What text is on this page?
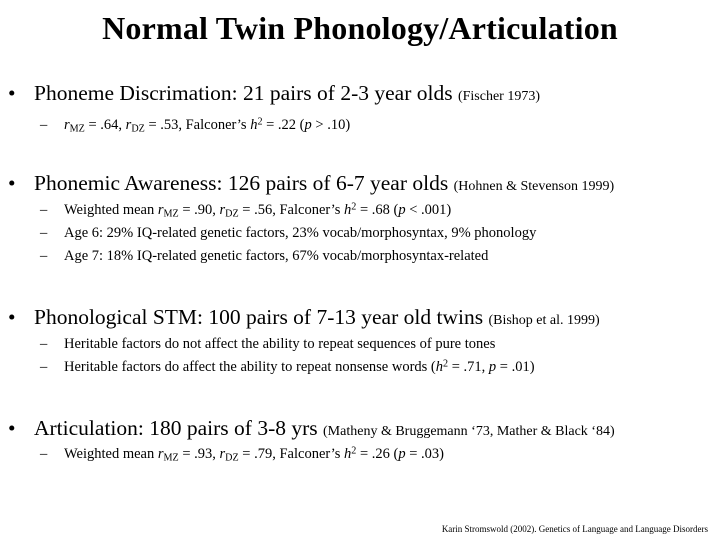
Normal Twin Phonology/Articulation
• Phoneme Discrimation: 21 pairs of 2-3 year olds (Fischer 1973)
– $r_{MZ} = .64$, $r_{DZ} = .53$, Falconer’s $h^2 = .22$ (p > .10)
• Phonemic Awareness: 126 pairs of 6-7 year olds (Hohnen & Stevenson 1999)
– Weighted mean $r_{MZ} = .90$, $r_{DZ} = .56$, Falconer’s $h^2 = .68$ (p < .001)
– Age 6: 29% IQ-related genetic factors, 23% vocab/morphosyntax, 9% phonology
– Age 7: 18% IQ-related genetic factors, 67% vocab/morphosyntax-related
• Phonological STM: 100 pairs of 7-13 year old twins (Bishop et al. 1999)
– Heritable factors do not affect the ability to repeat sequences of pure tones
– Heritable factors do affect the ability to repeat nonsense words ($h^2 = .71$, p = .01)
• Articulation: 180 pairs of 3-8 yrs (Matheny & Bruggemann ‘73, Mather & Black ‘84)
– Weighted mean $r_{MZ} = .93$, $r_{DZ} = .79$, Falconer’s $h^2 = .26$ (p = .03)
Karin Stromswold (2002). Genetics of Language and Language Disorders
